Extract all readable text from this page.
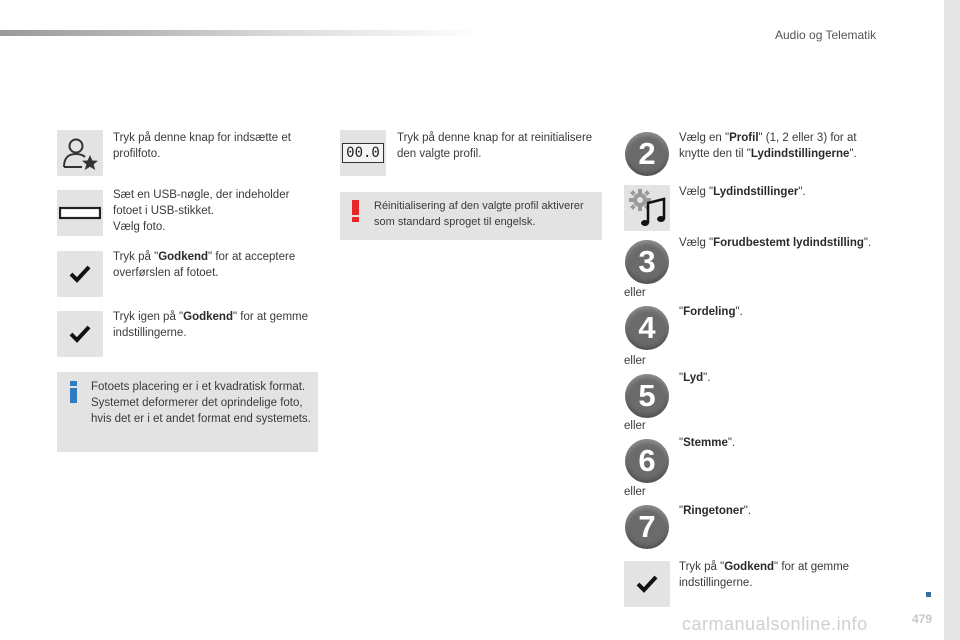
Audio og Telematik
Tryk på denne knap for indsætte et profilfoto.
Sæt en USB-nøgle, der indeholder
fotoet i USB-stikket.
Vælg foto.
Tryk på "Godkend" for at acceptere overførslen af fotoet.
Tryk igen på "Godkend" for at gemme indstillingerne.
Fotoets placering er i et kvadratisk format. Systemet deformerer det oprindelige foto, hvis det er i et andet format end systemets.
00.0
Tryk på denne knap for at reinitialisere den valgte profil.
Réinitialisering af den valgte profil aktiverer som standard sproget til engelsk.
2	Vælg en "Profil" (1, 2 eller 3) for at knytte den til "Lydindstillingerne".
Vælg "Lydindstillinger".
3
Vælg "Forudbestemt lydindstilling".
eller
4	"Fordeling".
eller
5	"Lyd".
eller
6	"Stemme".
eller
7	"Ringetoner".
Tryk på "Godkend" for at gemme indstillingerne.
carmanualsonline.info	479
